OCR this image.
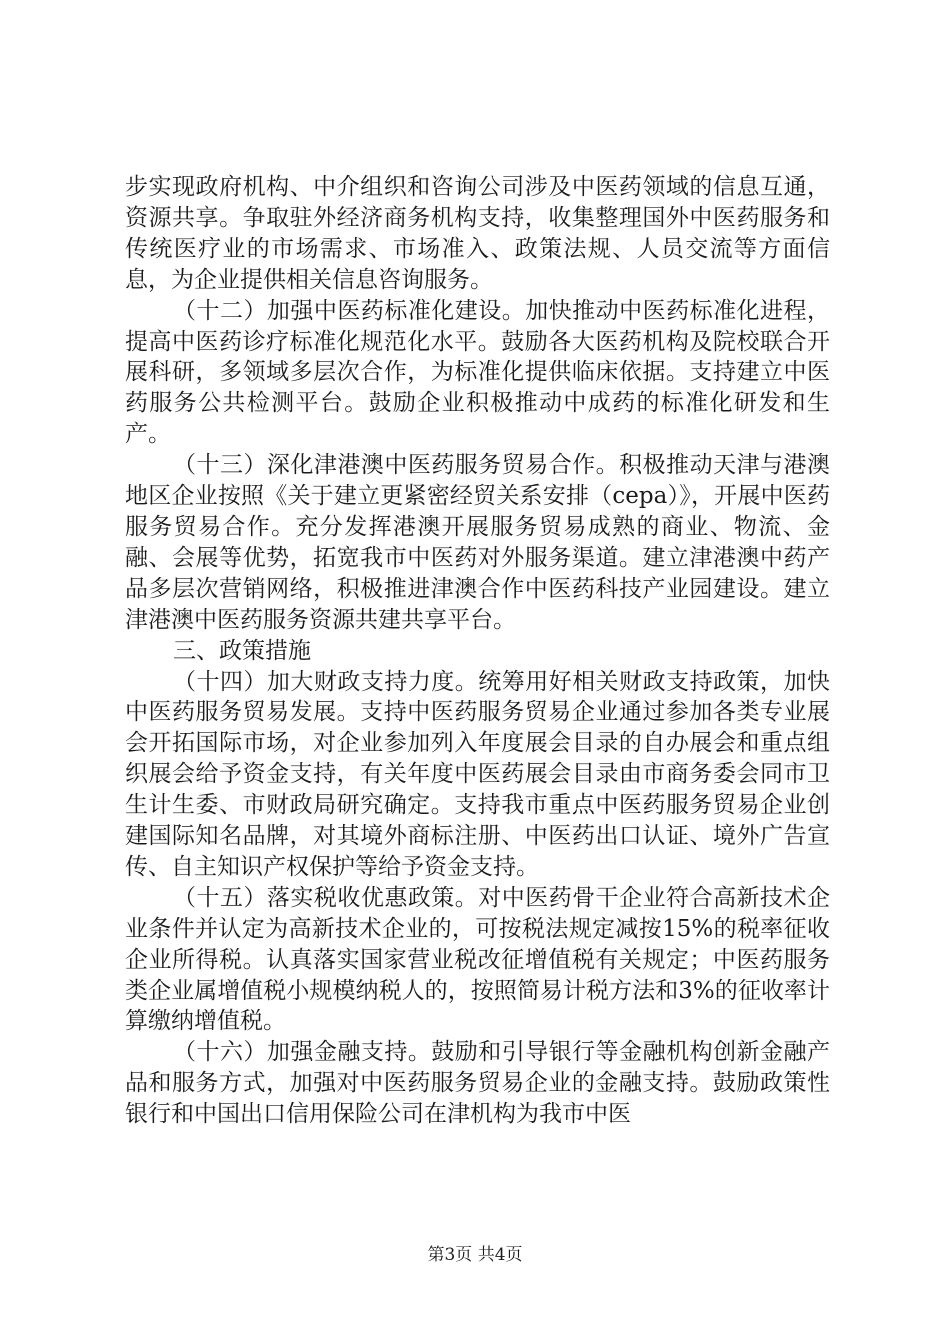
步实现政府机构、中介组织和咨询公司涉及中医药领域的信息互通，资源共享。争取驻外经济商务机构支持，收集整理国外中医药服务和传统医疗业的市场需求、市场准入、政策法规、人员交流等方面信息，为企业提供相关信息咨询服务。

（十二）加强中医药标准化建设。加快推动中医药标准化进程，提高中医药诊疗标准化规范化水平。鼓励各大医药机构及院校联合开展科研，多领域多层次合作，为标准化提供临床依据。支持建立中医药服务公共检测平台。鼓励企业积极推动中成药的标准化研发和生产。

（十三）深化津港澳中医药服务贸易合作。积极推动天津与港澳地区企业按照《关于建立更紧密经贸关系安排（cepa）》，开展中医药服务贸易合作。充分发挥港澳开展服务贸易成熟的商业、物流、金融、会展等优势，拓宽我市中医药对外服务渠道。建立津港澳中药产品多层次营销网络，积极推进津澳合作中医药科技产业园建设。建立津港澳中医药服务资源共建共享平台。

三、政策措施

（十四）加大财政支持力度。统筹用好相关财政支持政策，加快中医药服务贸易发展。支持中医药服务贸易企业通过参加各类专业展会开拓国际市场，对企业参加列入年度展会目录的自办展会和重点组织展会给予资金支持，有关年度中医药展会目录由市商务委会同市卫生计生委、市财政局研究确定。支持我市重点中医药服务贸易企业创建国际知名品牌，对其境外商标注册、中医药出口认证、境外广告宣传、自主知识产权保护等给予资金支持。

（十五）落实税收优惠政策。对中医药骨干企业符合高新技术企业条件并认定为高新技术企业的，可按税法规定减按15%的税率征收企业所得税。认真落实国家营业税改征增值税有关规定；中医药服务类企业属增值税小规模纳税人的，按照简易计税方法和3%的征收率计算缴纳增值税。

（十六）加强金融支持。鼓励和引导银行等金融机构创新金融产品和服务方式，加强对中医药服务贸易企业的金融支持。鼓励政策性银行和中国出口信用保险公司在津机构为我市中医

第3页 共4页
